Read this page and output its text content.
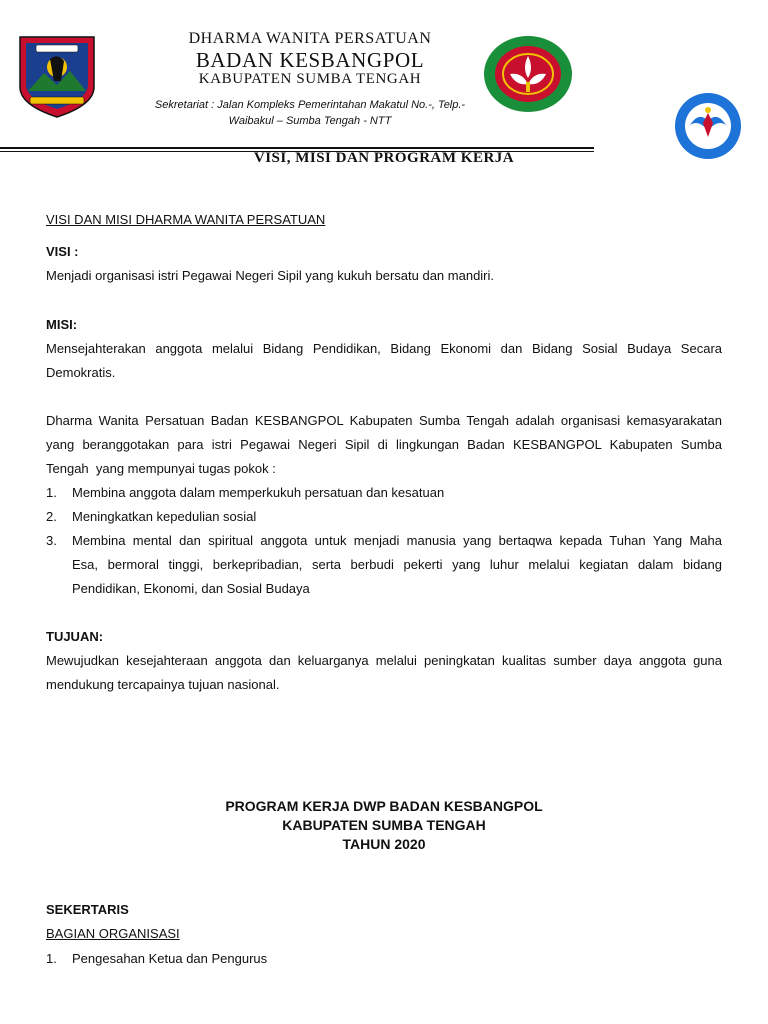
DHARMA WANITA PERSATUAN
BADAN KESBANGPOL
KABUPATEN SUMBA TENGAH
Sekretariat : Jalan Kompleks Pemerintahan Makatul No.-, Telp.-
Waibakul – Sumba Tengah - NTT
VISI, MISI DAN PROGRAM KERJA
VISI DAN MISI DHARMA WANITA PERSATUAN
VISI :
Menjadi organisasi istri Pegawai Negeri Sipil yang kukuh bersatu dan mandiri.
MISI:
Mensejahterakan anggota melalui Bidang Pendidikan, Bidang Ekonomi dan Bidang Sosial Budaya Secara
Demokratis.
Dharma Wanita Persatuan Badan KESBANGPOL Kabupaten Sumba Tengah adalah organisasi kemasyarakatan
yang beranggotakan para istri Pegawai Negeri Sipil di lingkungan Badan KESBANGPOL Kabupaten Sumba
Tengah  yang mempunyai tugas pokok :
1.	Membina anggota dalam memperkukuh persatuan dan kesatuan
2.	Meningkatkan kepedulian sosial
3.	Membina mental dan spiritual anggota untuk menjadi manusia yang bertaqwa kepada Tuhan Yang Maha
Esa, bermoral tinggi, berkepribadian, serta berbudi pekerti yang luhur melalui kegiatan dalam bidang
Pendidikan, Ekonomi, dan Sosial Budaya
TUJUAN:
Mewujudkan kesejahteraan anggota dan keluarganya melalui peningkatan kualitas sumber daya anggota guna
mendukung tercapainya tujuan nasional.
PROGRAM KERJA DWP BADAN KESBANGPOL
KABUPATEN SUMBA TENGAH
TAHUN 2020
SEKERTARIS
BAGIAN ORGANISASI
1.	Pengesahan Ketua dan Pengurus
